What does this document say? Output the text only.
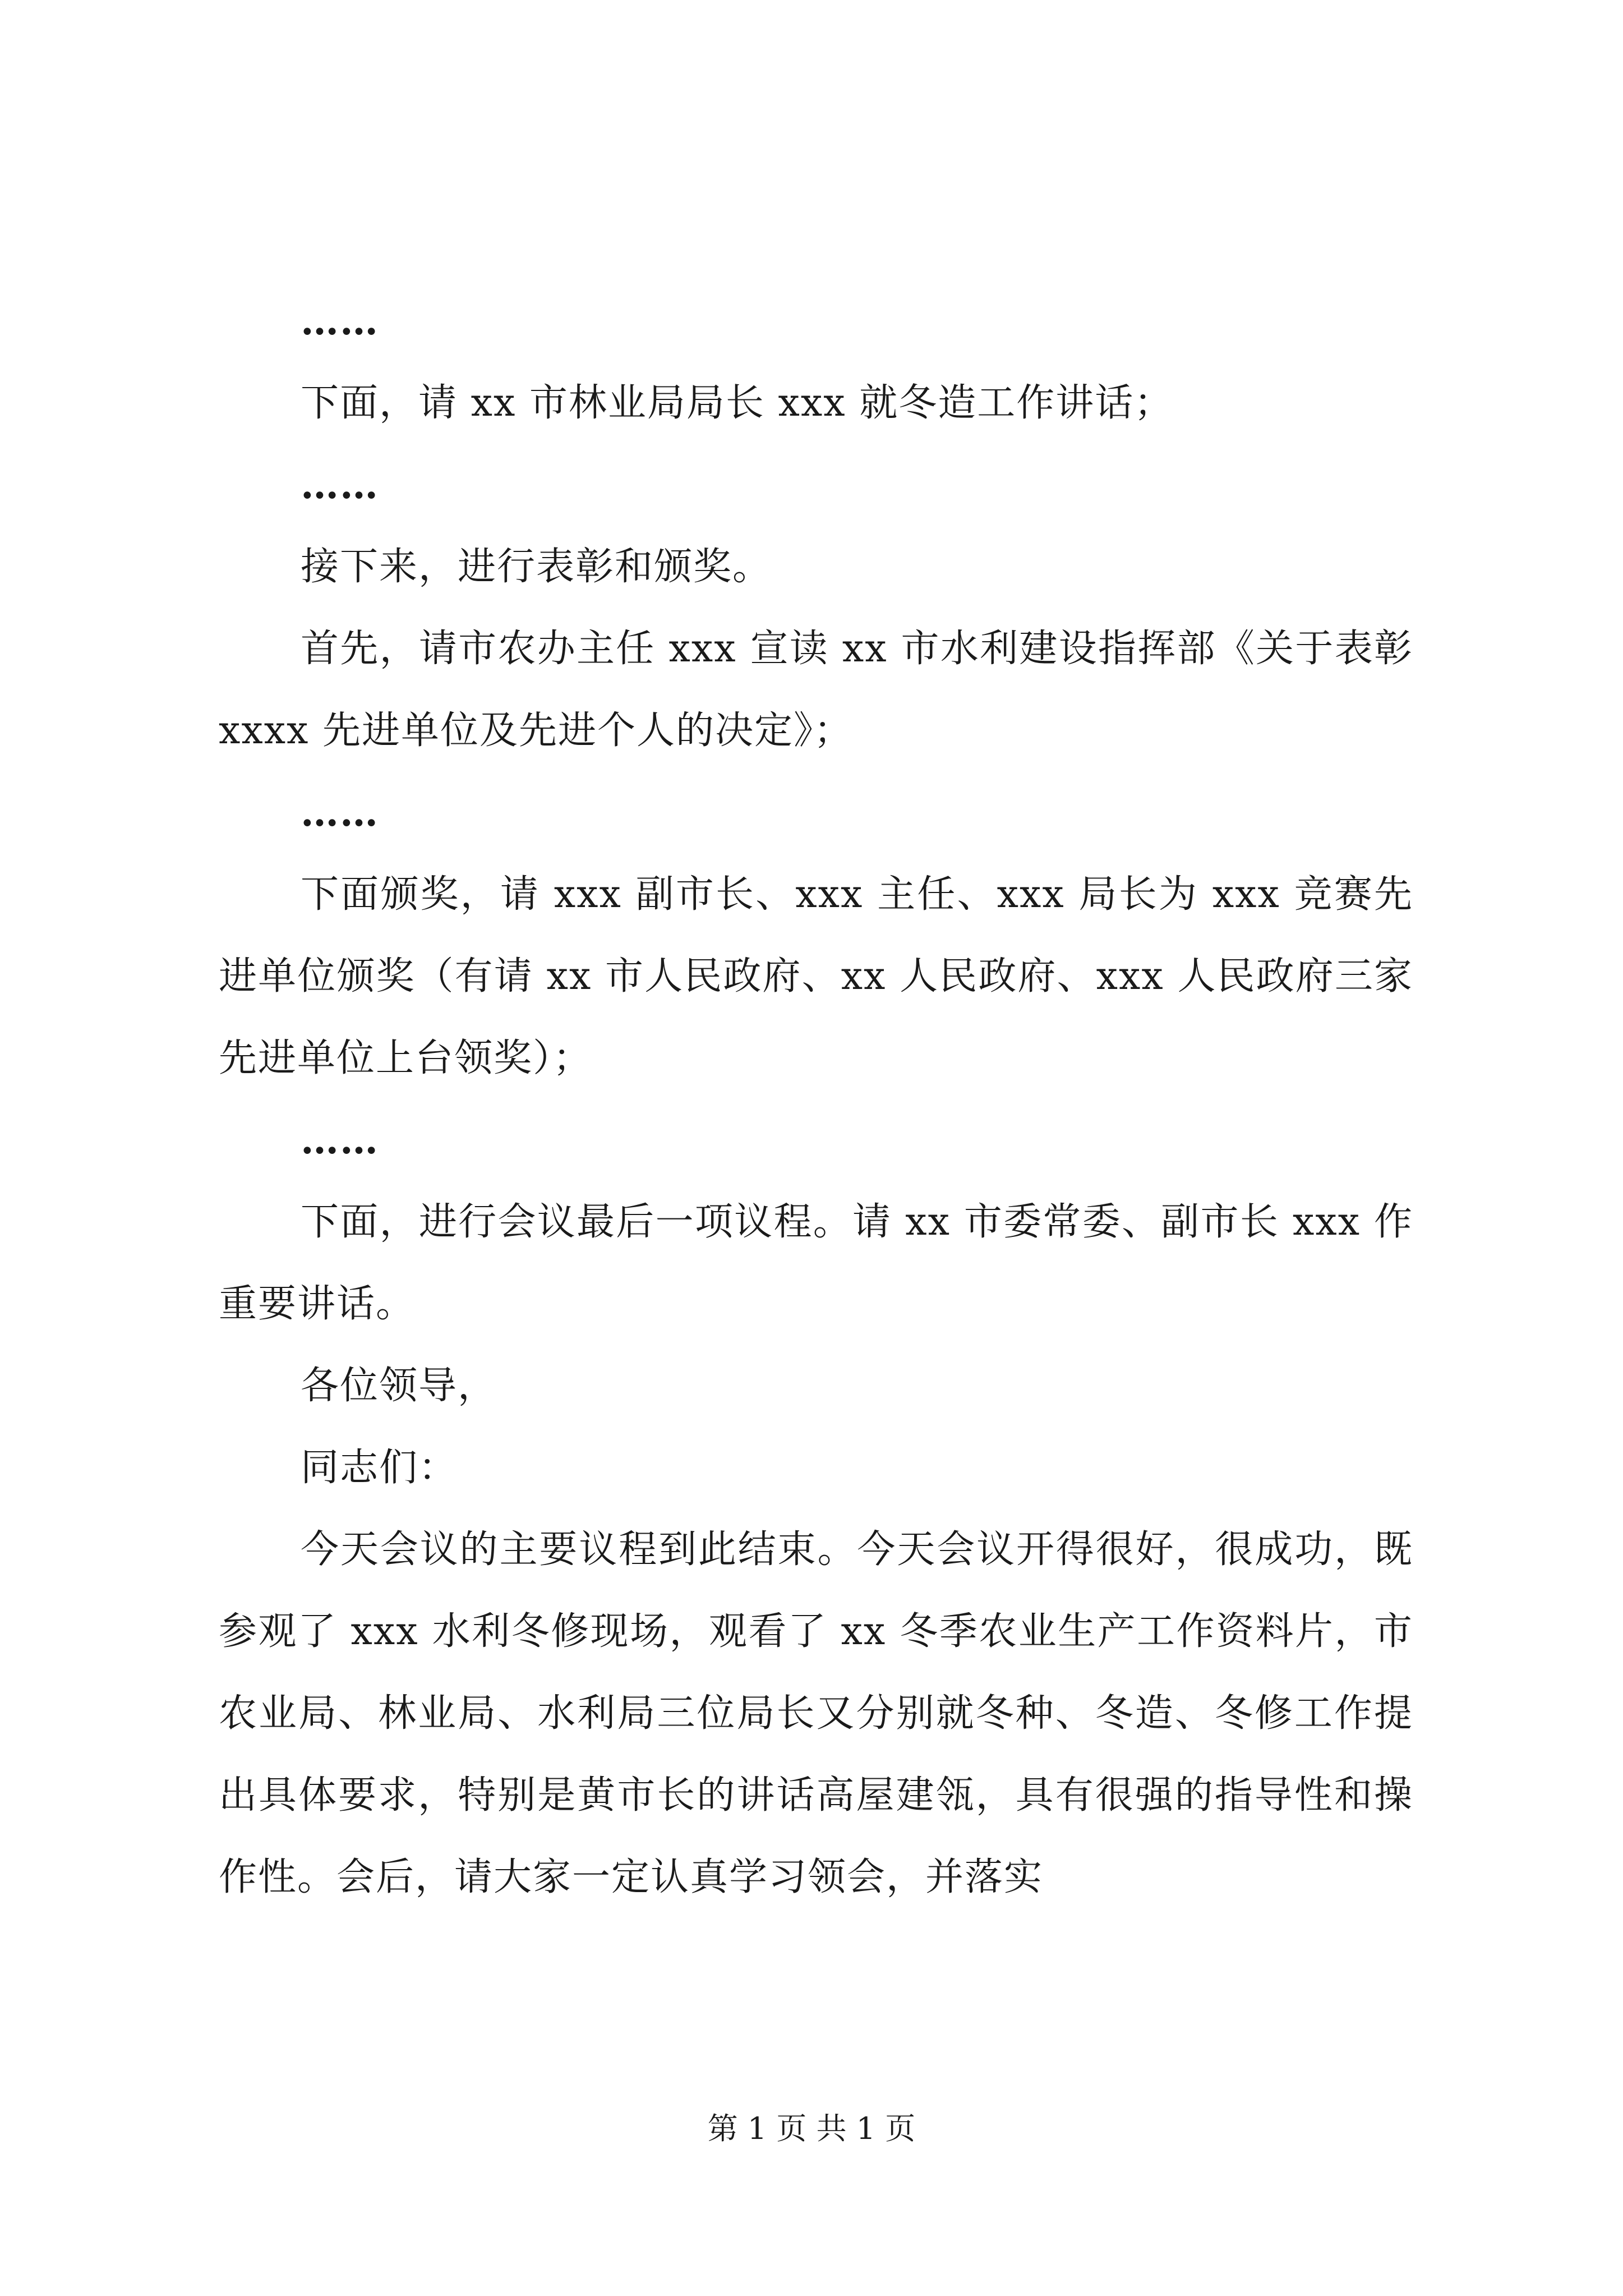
……

下面，请 xx 市林业局局长 xxx 就冬造工作讲话；

……

接下来，进行表彰和颁奖。

首先，请市农办主任 xxx 宣读 xx 市水利建设指挥部《关于表彰 xxxx 先进单位及先进个人的决定》；

……

下面颁奖，请 xxx 副市长、xxx 主任、xxx 局长为 xxx 竞赛先进单位颁奖（有请 xx 市人民政府、xx 人民政府、xxx 人民政府三家先进单位上台领奖）；

……

下面，进行会议最后一项议程。请 xx 市委常委、副市长 xxx 作重要讲话。

各位领导，

同志们：

今天会议的主要议程到此结束。今天会议开得很好，很成功，既参观了 xxx 水利冬修现场，观看了 xx 冬季农业生产工作资料片，市农业局、林业局、水利局三位局长又分别就冬种、冬造、冬修工作提出具体要求，特别是黄市长的讲话高屋建瓴，具有很强的指导性和操作性。会后，请大家一定认真学习领会，并落实

第 1 页 共 1 页
